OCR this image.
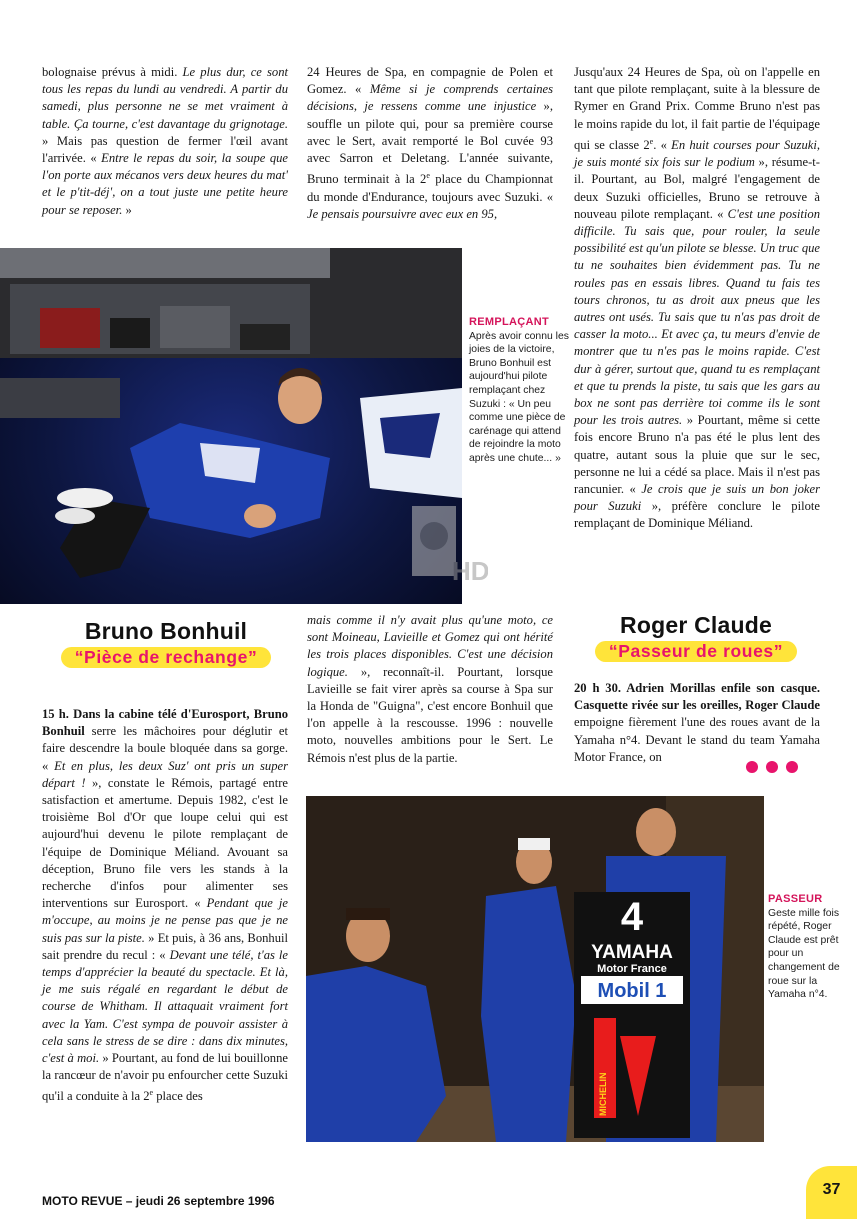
bolognaise prévus à midi. Le plus dur, ce sont tous les repas du lundi au vendredi. A partir du samedi, plus personne ne se met vraiment à table. Ça tourne, c'est davantage du grignotage. » Mais pas question de fermer l'œil avant l'arrivée. « Entre le repas du soir, la soupe que l'on porte aux mécanos vers deux heures du mat' et le p'tit-déj', on a tout juste une petite heure pour se reposer. »

24 Heures de Spa, en compagnie de Polen et Gomez. « Même si je comprends certaines décisions, je ressens comme une injustice », souffle un pilote qui, pour sa première course avec le Sert, avait remporté le Bol cuvée 93 avec Sarron et Deletang. L'année suivante, Bruno terminait à la 2e place du Championnat du monde d'Endurance, toujours avec Suzuki. « Je pensais poursuivre avec eux en 95,

Jusqu'aux 24 Heures de Spa, où on l'appelle en tant que pilote remplaçant, suite à la blessure de Rymer en Grand Prix. Comme Bruno n'est pas le moins rapide du lot, il fait partie de l'équipage qui se classe 2e. « En huit courses pour Suzuki, je suis monté six fois sur le podium », résume-t-il. Pourtant, au Bol, malgré l'engagement de deux Suzuki officielles, Bruno se retrouve à nouveau pilote remplaçant. « C'est une position difficile. Tu sais que, pour rouler, la seule possibilité est qu'un pilote se blesse. Un truc que tu ne souhaites bien évidemment pas. Tu ne roules pas en essais libres. Quand tu fais tes tours chronos, tu as droit aux pneus que les autres ont usés. Tu sais que tu n'as pas droit de casser la moto... Et avec ça, tu meurs d'envie de montrer que tu n'es pas le moins rapide. C'est dur à gérer, surtout que, quand tu es remplaçant et que tu prends la piste, tu sais que les gars au box ne sont pas derrière toi comme ils le sont pour les trois autres. » Pourtant, même si cette fois encore Bruno n'a pas été le plus lent des quatre, autant sous la pluie que sur le sec, personne ne lui a cédé sa place. Mais il n'est pas rancunier. « Je crois que je suis un bon joker pour Suzuki », préfère conclure le pilote remplaçant de Dominique Méliand.

HD
REMPLAÇANT
Après avoir connu les joies de la victoire, Bruno Bonhuil est aujourd'hui pilote remplaçant chez Suzuki : « Un peu comme une pièce de carénage qui attend de rejoindre la moto après une chute... »
Bruno Bonhuil
“Pièce de rechange”

15 h. Dans la cabine télé d'Eurosport, Bruno Bonhuil serre les mâchoires pour déglutir et faire descendre la boule bloquée dans sa gorge. « Et en plus, les deux Suz' ont pris un super départ ! », constate le Rémois, partagé entre satisfaction et amertume. Depuis 1982, c'est le troisième Bol d'Or que loupe celui qui est aujourd'hui devenu le pilote remplaçant de l'équipe de Dominique Méliand. Avouant sa déception, Bruno file vers les stands à la recherche d'infos pour alimenter ses interventions sur Eurosport. « Pendant que je m'occupe, au moins je ne pense pas que je ne suis pas sur la piste. » Et puis, à 36 ans, Bonhuil sait prendre du recul : « Devant une télé, t'as le temps d'apprécier la beauté du spectacle. Et là, je me suis régalé en regardant le début de course de Whitham. Il attaquait vraiment fort avec la Yam. C'est sympa de pouvoir assister à cela sans le stress de se dire : dans dix minutes, c'est à moi. » Pourtant, au fond de lui bouillonne la rancœur de n'avoir pu enfourcher cette Suzuki qu'il a conduite à la 2e place des

mais comme il n'y avait plus qu'une moto, ce sont Moineau, Lavieille et Gomez qui ont hérité les trois places disponibles. C'est une décision logique. », reconnaît-il. Pourtant, lorsque Lavieille se fait virer après sa course à Spa sur la Honda de "Guigna", c'est encore Bonhuil que l'on appelle à la rescousse. 1996 : nouvelle moto, nouvelles ambitions pour le Sert. Le Rémois n'est plus de la partie.

Roger Claude
“Passeur de roues”

20 h 30. Adrien Morillas enfile son casque. Casquette rivée sur les oreilles, Roger Claude empoigne fièrement l'une des roues avant de la Yamaha n°4. Devant le stand du team Yamaha Motor France, on

4
YAMAHA
Motor France
Mobil 1
MICHELIN
PASSEUR
Geste mille fois répété, Roger Claude est prêt pour un changement de roue sur la Yamaha n°4.
MOTO REVUE – jeudi 26 septembre 1996
37
